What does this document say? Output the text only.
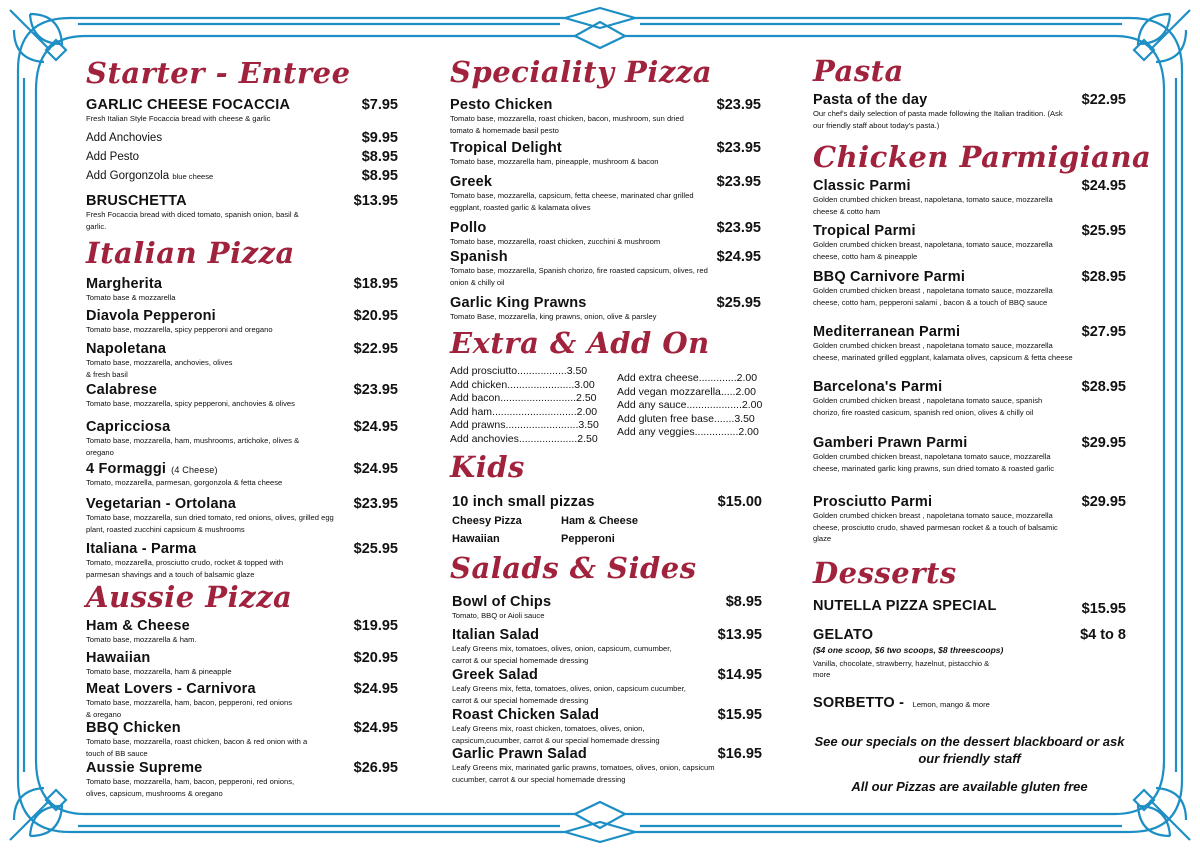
Starter - Entree
GARLIC CHEESE FOCACCIA	$7.95
Fresh Italian Style Focaccia bread with cheese & garlic
Add Anchovies	$9.95
Add Pesto	$8.95
Add Gorgonzola blue cheese	$8.95
BRUSCHETTA	$13.95
Fresh Focaccia bread with diced tomato, spanish onion, basil & garlic.
Italian Pizza
Aussie Pizza
Speciality Pizza
Extra & Add On
Kids
10 inch small pizzas	$15.00
Cheesy Pizza	Ham & Cheese
Hawaiian	Pepperoni
Salads & Sides
Pasta
Pasta of the day	$22.95
Our chef's daily selection of pasta made following the Italian tradition. (Ask our friendly staff about today's pasta.)
Chicken Parmigiana
Desserts
NUTELLA PIZZA SPECIAL	$15.95
GELATO	$4 to 8
($4 one scoop, $6 two scoops, $8 threescoops)
Vanilla, chocolate, strawberry, hazelnut, pistacchio & more
SORBETTO - Lemon, mango & more
See our specials on the dessert blackboard or ask our friendly staff
All our Pizzas are available gluten free
Margherita	$18.95
Tomato base & mozzarella
Diavola Pepperoni	$20.95
Tomato base, mozzarella, spicy pepperoni and oregano
Napoletana	$22.95
Tomato base, mozzarella, anchovies, olives & fresh basil
Calabrese	$23.95
Tomato base, mozzarella, spicy pepperoni, anchovies & olives
Capricciosa	$24.95
Tomato base, mozzarella, ham, mushrooms, artichoke, olives & oregano
4 Formaggi (4 Cheese)	$24.95
Tomato, mozzarella, parmesan, gorgonzola & fetta cheese
Vegetarian - Ortolana	$23.95
Tomato base, mozzarella, sun dried tomato, red onions, olives, grilled egg plant, roasted zucchini capsicum & mushrooms
Italiana - Parma	$25.95
Tomato, mozzarella, prosciutto crudo, rocket & topped with parmesan shavings and a touch of balsamic glaze
Ham & Cheese	$19.95
Tomato base, mozzarella & ham.
Hawaiian	$20.95
Tomato base, mozzarella, ham & pineapple
Meat Lovers - Carnivora	$24.95
Tomato base, mozzarella, ham, bacon, pepperoni, red onions & oregano
BBQ Chicken	$24.95
Tomato base, mozzarella, roast chicken, bacon & red onion with a touch of BB sauce
Aussie Supreme	$26.95
Tomato base, mozzarella, ham, bacon, pepperoni, red onions, olives, capsicum, mushrooms & oregano
Pesto Chicken	$23.95
Tomato base, mozzarella, roast chicken, bacon, mushroom, sun dried tomato & homemade basil pesto
Tropical Delight	$23.95
Tomato base, mozzarella ham, pineapple, mushroom & bacon
Greek	$23.95
Tomato base, mozzarella, capsicum, fetta cheese, marinated char grilled eggplant, roasted garlic & kalamata olives
Pollo	$23.95
Tomato base, mozzarella, roast chicken, zucchini & mushroom
Spanish	$24.95
Tomato base, mozzarella, Spanish chorizo, fire roasted capsicum, olives, red onion & chilly oil
Garlic King Prawns	$25.95
Tomato Base, mozzarella, king prawns, onion, olive & parsley
Bowl of Chips	$8.95
Tomato, BBQ or Aioli sauce
Italian Salad	$13.95
Leafy Greens mix, tomatoes, olives, onion, capsicum, cumumber, carrot & our special homemade dressing
Greek Salad	$14.95
Leafy Greens mix, fetta, tomatoes, olives, onion, capsicum cucumber, carrot & our special homemade dressing
Roast Chicken Salad	$15.95
Leafy Greens mix, roast chicken, tomatoes, olives, onion, capsicum,cucumber, carrot & our special homemade dressing
Garlic Prawn Salad	$16.95
Leafy Greens mix, marinated garlic prawns, tomatoes, olives, onion, capsicum cucumber, carrot & our special homemade dressing
Classic Parmi	$24.95
Golden crumbed chicken breast, napoletana, tomato sauce, mozzarella cheese & cotto ham
Tropical Parmi	$25.95
Golden crumbed chicken breast, napoletana, tomato sauce, mozzarella cheese, cotto ham & pineapple
BBQ Carnivore Parmi	$28.95
Golden crumbed chicken breast , napoletana tomato sauce, mozzarella cheese, cotto ham, pepperoni salami , bacon & a touch of BBQ sauce
Mediterranean Parmi	$27.95
Golden crumbed chicken breast , napoletana tomato sauce, mozzarella cheese, marinated grilled eggplant, kalamata olives, capsicum & fetta cheese
Barcelona's Parmi	$28.95
Golden crumbed chicken breast , napoletana tomato sauce, spanish chorizo, fire roasted casicum, spanish red onion, olives & chilly oil
Gamberi Prawn Parmi	$29.95
Golden crumbed chicken breast, napoletana tomato sauce, mozzarella cheese, marinated garlic king prawns, sun dried tomato & roasted garlic
Prosciutto Parmi	$29.95
Golden crumbed chicken breast , napoletana tomato sauce, mozzarella cheese, prosciutto crudo, shaved parmesan rocket & a touch of balsamic glaze
Add prosciutto.................3.50
Add chicken.......................3.00
Add bacon..........................2.50
Add ham.............................2.00
Add prawns.........................3.50
Add anchovies....................2.50
Add extra cheese.............2.00
Add vegan mozzarella.....2.00
Add any sauce...................2.00
Add gluten free base.......3.50
Add any veggies...............2.00
